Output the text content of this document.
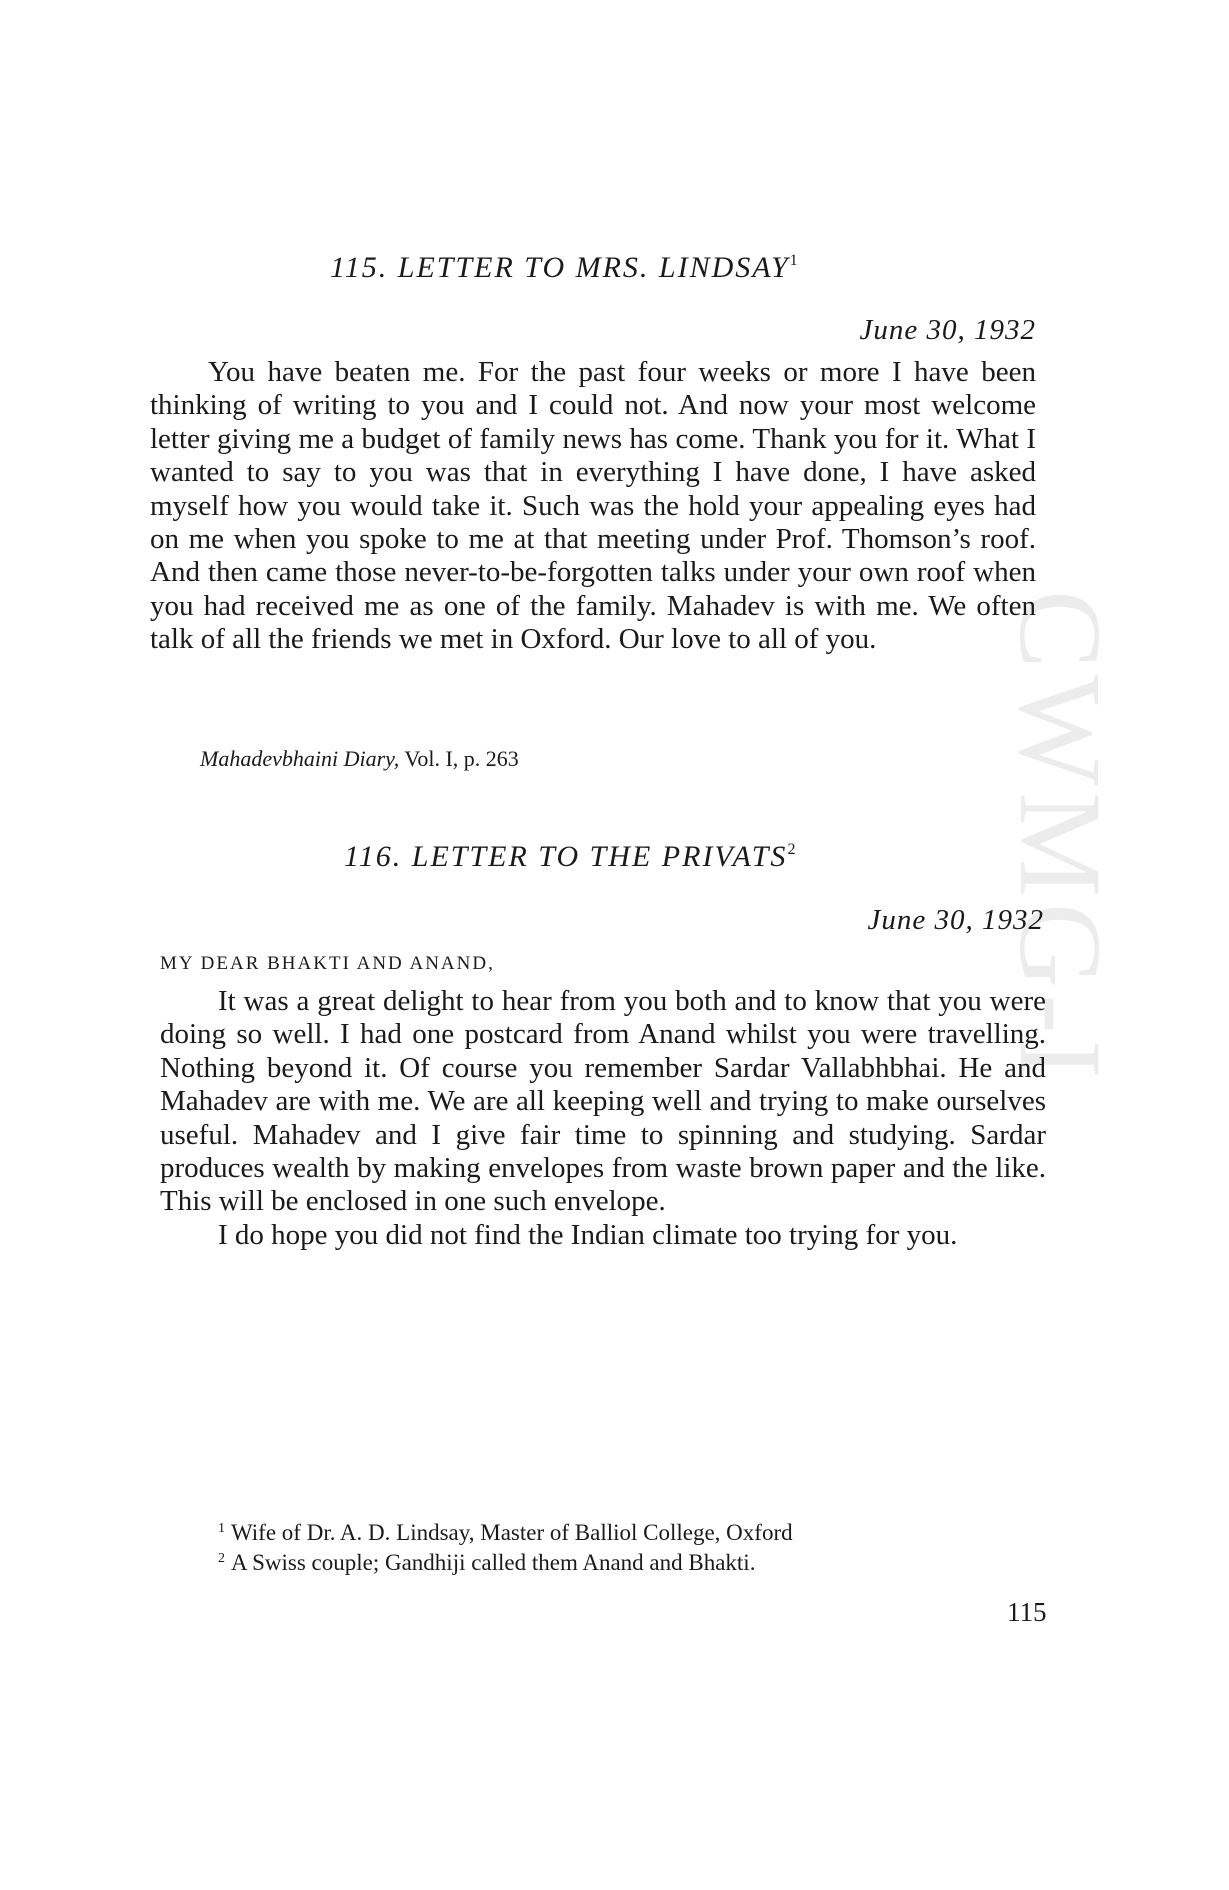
CWMG-I
115. LETTER TO MRS. LINDSAY$^1$
June 30, 1932

You have beaten me. For the past four weeks or more I have been thinking of writing to you and I could not. And now your most welcome letter giving me a budget of family news has come. Thank you for it. What I wanted to say to you was that in everything I have done, I have asked myself how you would take it. Such was the hold your appealing eyes had on me when you spoke to me at that meeting under Prof. Thomson’s roof. And then came those never-to-be-forgotten talks under your own roof when you had received me as one of the family. Mahadev is with me. We often talk of all the friends we met in Oxford. Our love to all of you.

Mahadevbhaini Diary, Vol. I, p. 263
116. LETTER TO THE PRIVATS$^2$
June 30, 1932
MY DEAR BHAKTI AND ANAND,

It was a great delight to hear from you both and to know that you were doing so well. I had one postcard from Anand whilst you were travelling. Nothing beyond it. Of course you remember Sardar Vallabhbhai. He and Mahadev are with me. We are all keeping well and trying to make ourselves useful. Mahadev and I give fair time to spinning and studying. Sardar produces wealth by making envelopes from waste brown paper and the like. This will be enclosed in one such envelope.

I do hope you did not find the Indian climate too trying for you.

$^1$ Wife of Dr. A. D. Lindsay, Master of Balliol College, Oxford
$^2$ A Swiss couple; Gandhiji called them Anand and Bhakti.
115
